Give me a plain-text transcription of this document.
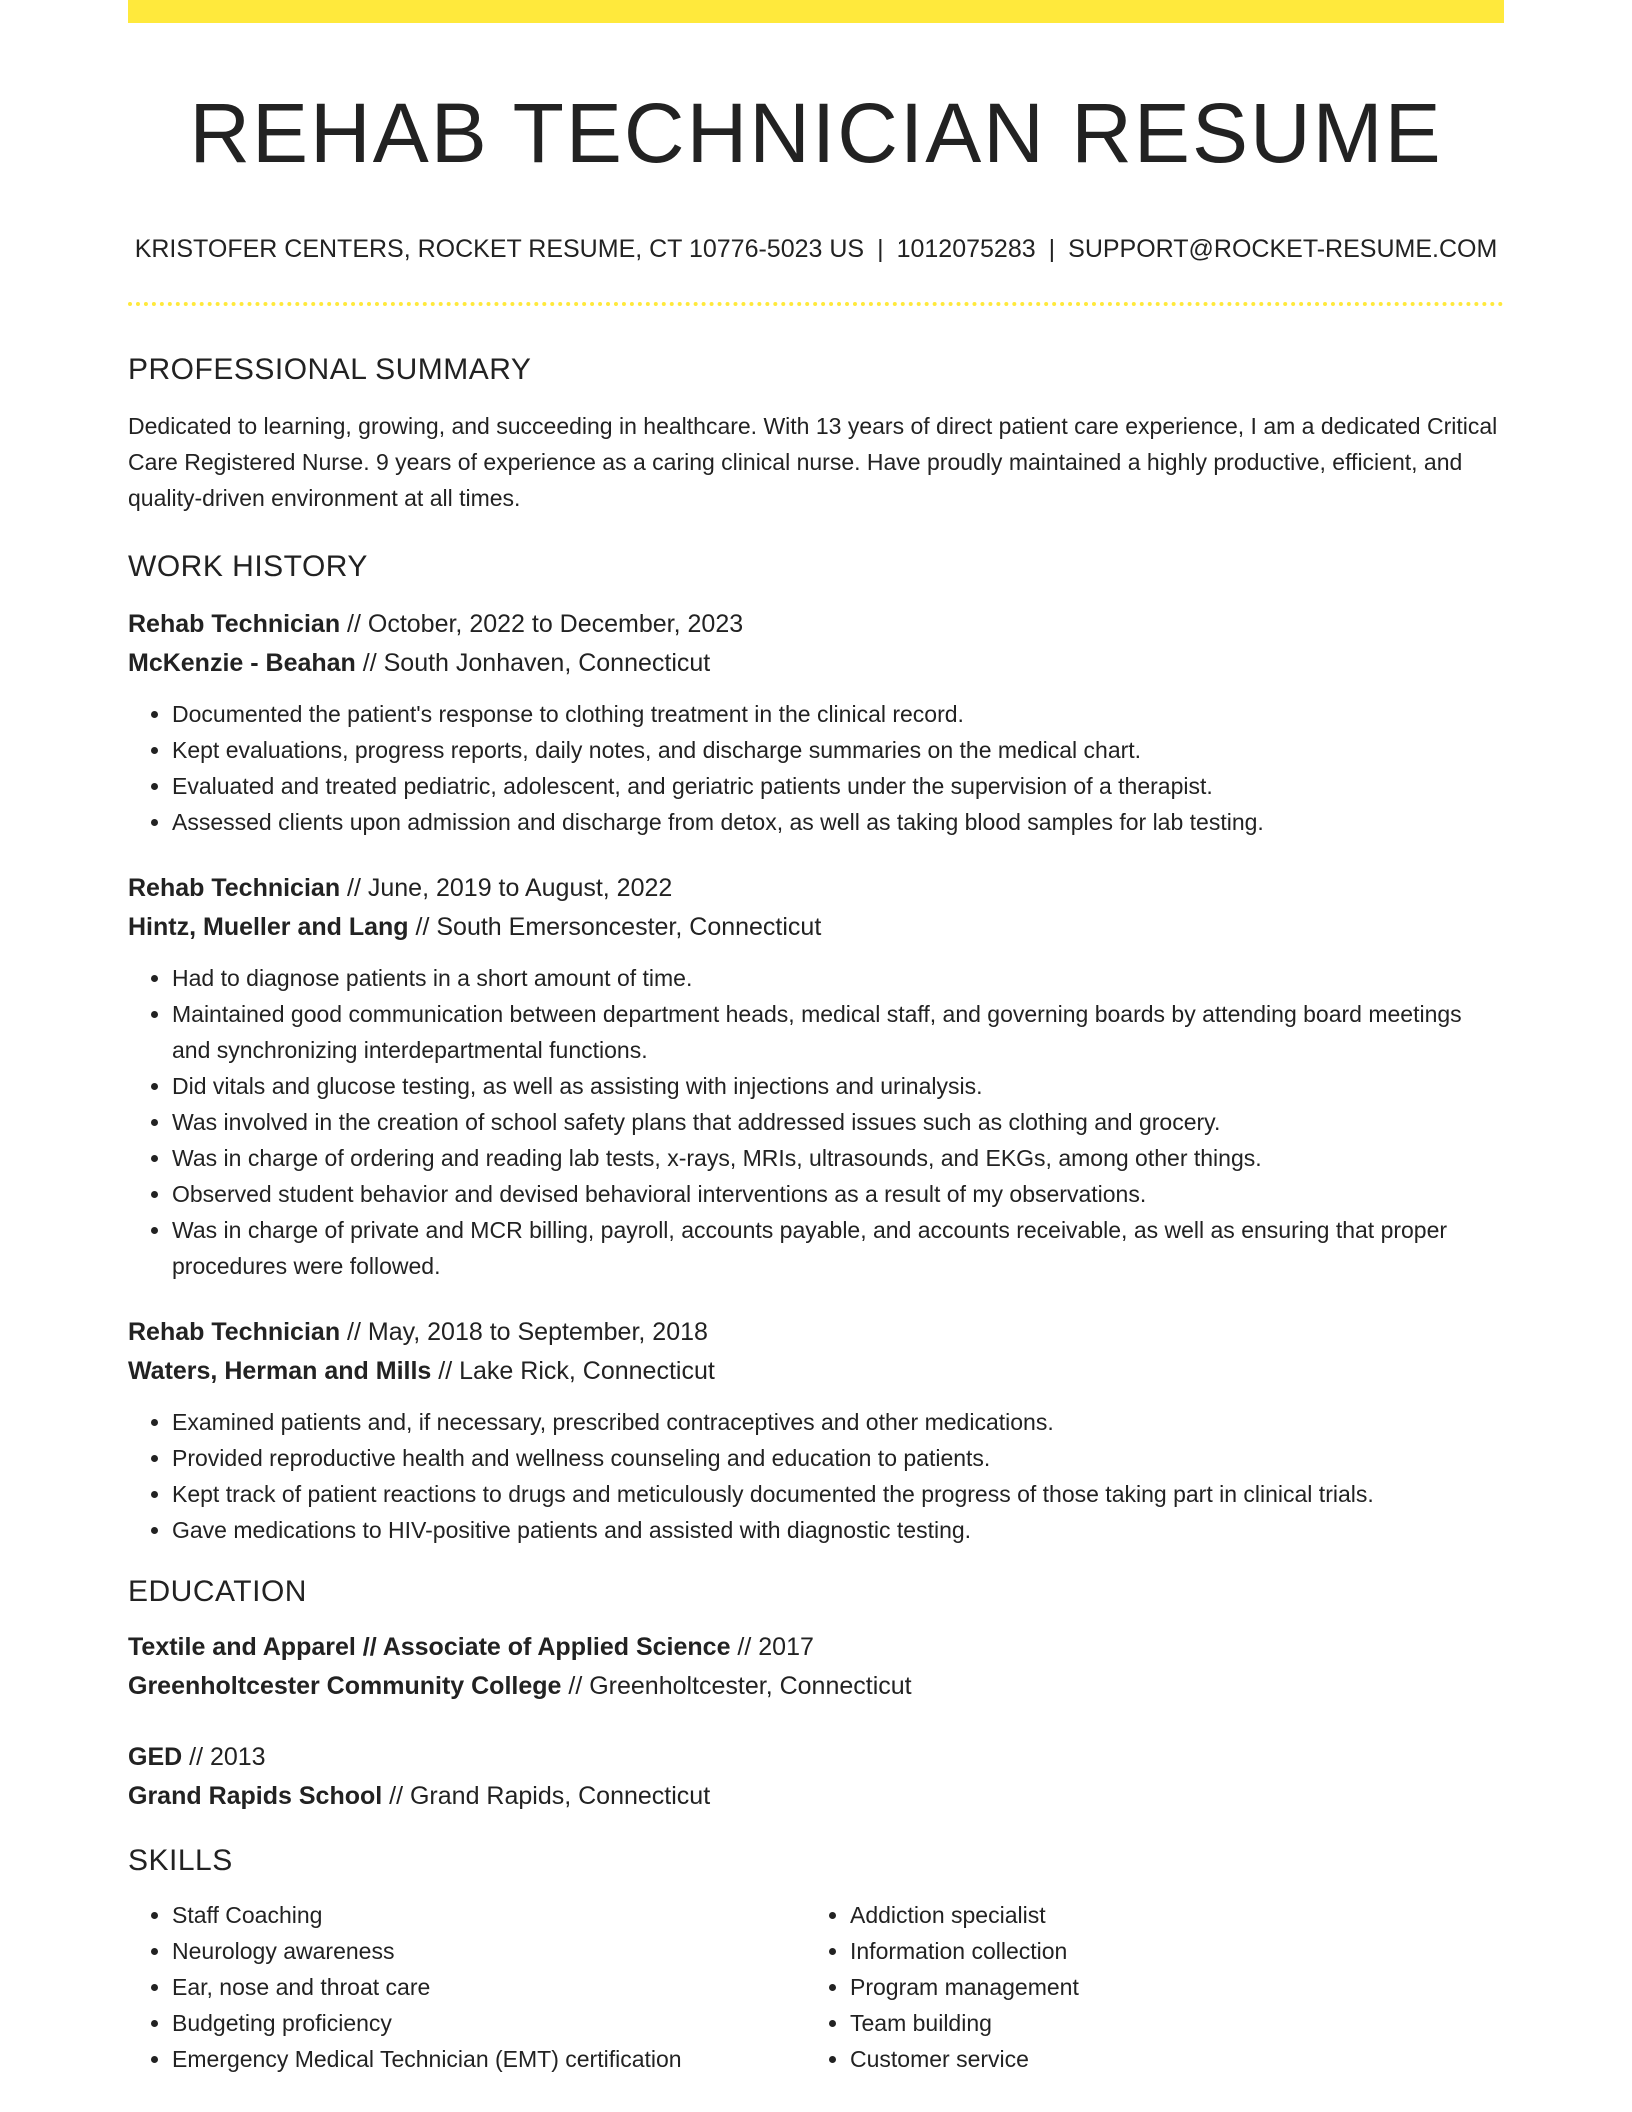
REHAB TECHNICIAN RESUME
KRISTOFER CENTERS, ROCKET RESUME, CT 10776-5023 US | 1012075283 | SUPPORT@ROCKET-RESUME.COM
PROFESSIONAL SUMMARY
Dedicated to learning, growing, and succeeding in healthcare. With 13 years of direct patient care experience, I am a dedicated Critical Care Registered Nurse. 9 years of experience as a caring clinical nurse. Have proudly maintained a highly productive, efficient, and quality-driven environment at all times.
WORK HISTORY
Rehab Technician // October, 2022 to December, 2023
McKenzie - Beahan // South Jonhaven, Connecticut
• Documented the patient's response to clothing treatment in the clinical record.
• Kept evaluations, progress reports, daily notes, and discharge summaries on the medical chart.
• Evaluated and treated pediatric, adolescent, and geriatric patients under the supervision of a therapist.
• Assessed clients upon admission and discharge from detox, as well as taking blood samples for lab testing.
Rehab Technician // June, 2019 to August, 2022
Hintz, Mueller and Lang // South Emersoncester, Connecticut
• Had to diagnose patients in a short amount of time.
• Maintained good communication between department heads, medical staff, and governing boards by attending board meetings and synchronizing interdepartmental functions.
• Did vitals and glucose testing, as well as assisting with injections and urinalysis.
• Was involved in the creation of school safety plans that addressed issues such as clothing and grocery.
• Was in charge of ordering and reading lab tests, x-rays, MRIs, ultrasounds, and EKGs, among other things.
• Observed student behavior and devised behavioral interventions as a result of my observations.
• Was in charge of private and MCR billing, payroll, accounts payable, and accounts receivable, as well as ensuring that proper procedures were followed.
Rehab Technician // May, 2018 to September, 2018
Waters, Herman and Mills // Lake Rick, Connecticut
• Examined patients and, if necessary, prescribed contraceptives and other medications.
• Provided reproductive health and wellness counseling and education to patients.
• Kept track of patient reactions to drugs and meticulously documented the progress of those taking part in clinical trials.
• Gave medications to HIV-positive patients and assisted with diagnostic testing.
EDUCATION
Textile and Apparel // Associate of Applied Science // 2017
Greenholtcester Community College // Greenholtcester, Connecticut
GED // 2013
Grand Rapids School // Grand Rapids, Connecticut
SKILLS
• Staff Coaching
• Neurology awareness
• Ear, nose and throat care
• Budgeting proficiency
• Emergency Medical Technician (EMT) certification
• Addiction specialist
• Information collection
• Program management
• Team building
• Customer service
